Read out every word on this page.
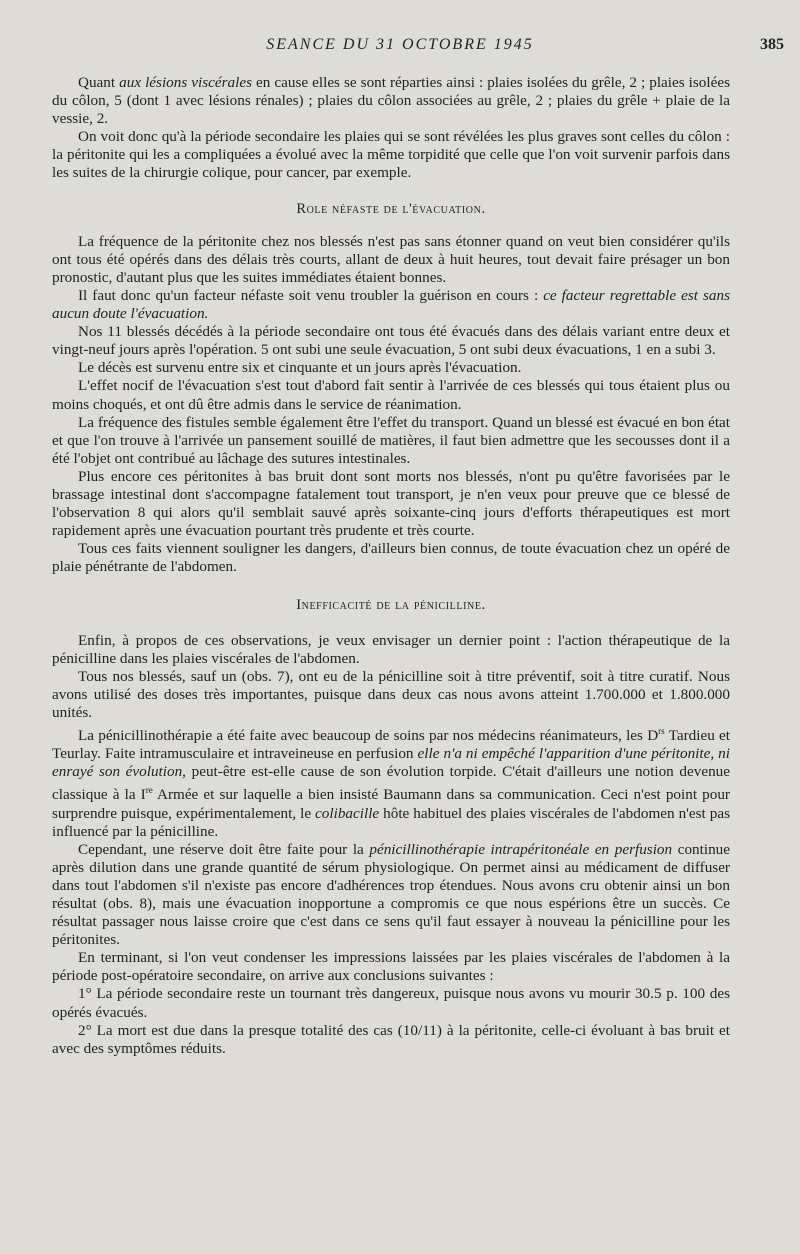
SEANCE DU 31 OCTOBRE 1945	385

Quant aux lésions viscérales en cause elles se sont réparties ainsi : plaies isolées du grêle, 2 ; plaies isolées du côlon, 5 (dont 1 avec lésions rénales) ; plaies du côlon associées au grêle, 2 ; plaies du grêle + plaie de la vessie, 2.

On voit donc qu'à la période secondaire les plaies qui se sont révélées les plus graves sont celles du côlon : la péritonite qui les a compliquées a évolué avec la même torpidité que celle que l'on voit survenir parfois dans les suites de la chirurgie colique, pour cancer, par exemple.

Role néfaste de l'évacuation.

La fréquence de la péritonite chez nos blessés n'est pas sans étonner quand on veut bien considérer qu'ils ont tous été opérés dans des délais très courts, allant de deux à huit heures, tout devait faire présager un bon pronostic, d'autant plus que les suites immédiates étaient bonnes.

Il faut donc qu'un facteur néfaste soit venu troubler la guérison en cours : ce facteur regrettable est sans aucun doute l'évacuation.

Nos 11 blessés décédés à la période secondaire ont tous été évacués dans des délais variant entre deux et vingt-neuf jours après l'opération. 5 ont subi une seule évacuation, 5 ont subi deux évacuations, 1 en a subi 3.

Le décès est survenu entre six et cinquante et un jours après l'évacuation.

L'effet nocif de l'évacuation s'est tout d'abord fait sentir à l'arrivée de ces blessés qui tous étaient plus ou moins choqués, et ont dû être admis dans le service de réanimation.

La fréquence des fistules semble également être l'effet du transport. Quand un blessé est évacué en bon état et que l'on trouve à l'arrivée un pansement souillé de matières, il faut bien admettre que les secousses dont il a été l'objet ont contribué au lâchage des sutures intestinales.

Plus encore ces péritonites à bas bruit dont sont morts nos blessés, n'ont pu qu'être favorisées par le brassage intestinal dont s'accompagne fatalement tout transport, je n'en veux pour preuve que ce blessé de l'observation 8 qui alors qu'il semblait sauvé après soixante-cinq jours d'efforts thérapeutiques est mort rapidement après une évacuation pourtant très prudente et très courte.

Tous ces faits viennent souligner les dangers, d'ailleurs bien connus, de toute évacuation chez un opéré de plaie pénétrante de l'abdomen.

Inefficacité de la pénicilline.

Enfin, à propos de ces observations, je veux envisager un dernier point : l'action thérapeutique de la pénicilline dans les plaies viscérales de l'abdomen.

Tous nos blessés, sauf un (obs. 7), ont eu de la pénicilline soit à titre préventif, soit à titre curatif. Nous avons utilisé des doses très importantes, puisque dans deux cas nous avons atteint 1.700.000 et 1.800.000 unités.

La pénicillinothérapie a été faite avec beaucoup de soins par nos médecins réanimateurs, les $D^{rs}$ Tardieu et Teurlay. Faite intramusculaire et intraveineuse en perfusion elle n'a ni empêché l'apparition d'une péritonite, ni enrayé son évolution, peut-être est-elle cause de son évolution torpide. C'était d'ailleurs une notion devenue classique à la Ire Armée et sur laquelle a bien insisté Baumann dans sa communication. Ceci n'est point pour surprendre puisque, expérimentalement, le colibacille hôte habituel des plaies viscérales de l'abdomen n'est pas influencé par la pénicilline.

Cependant, une réserve doit être faite pour la pénicillinothérapie intrapéritonéale en perfusion continue après dilution dans une grande quantité de sérum physiologique. On permet ainsi au médicament de diffuser dans tout l'abdomen s'il n'existe pas encore d'adhérences trop étendues. Nous avons cru obtenir ainsi un bon résultat (obs. 8), mais une évacuation inopportune a compromis ce que nous espérions être un succès. Ce résultat passager nous laisse croire que c'est dans ce sens qu'il faut essayer à nouveau la pénicilline pour les péritonites.

En terminant, si l'on veut condenser les impressions laissées par les plaies viscérales de l'abdomen à la période post-opératoire secondaire, on arrive aux conclusions suivantes :

1° La période secondaire reste un tournant très dangereux, puisque nous avons vu mourir 30.5 p. 100 des opérés évacués.

2° La mort est due dans la presque totalité des cas (10/11) à la péritonite, celle-ci évoluant à bas bruit et avec des symptômes réduits.
